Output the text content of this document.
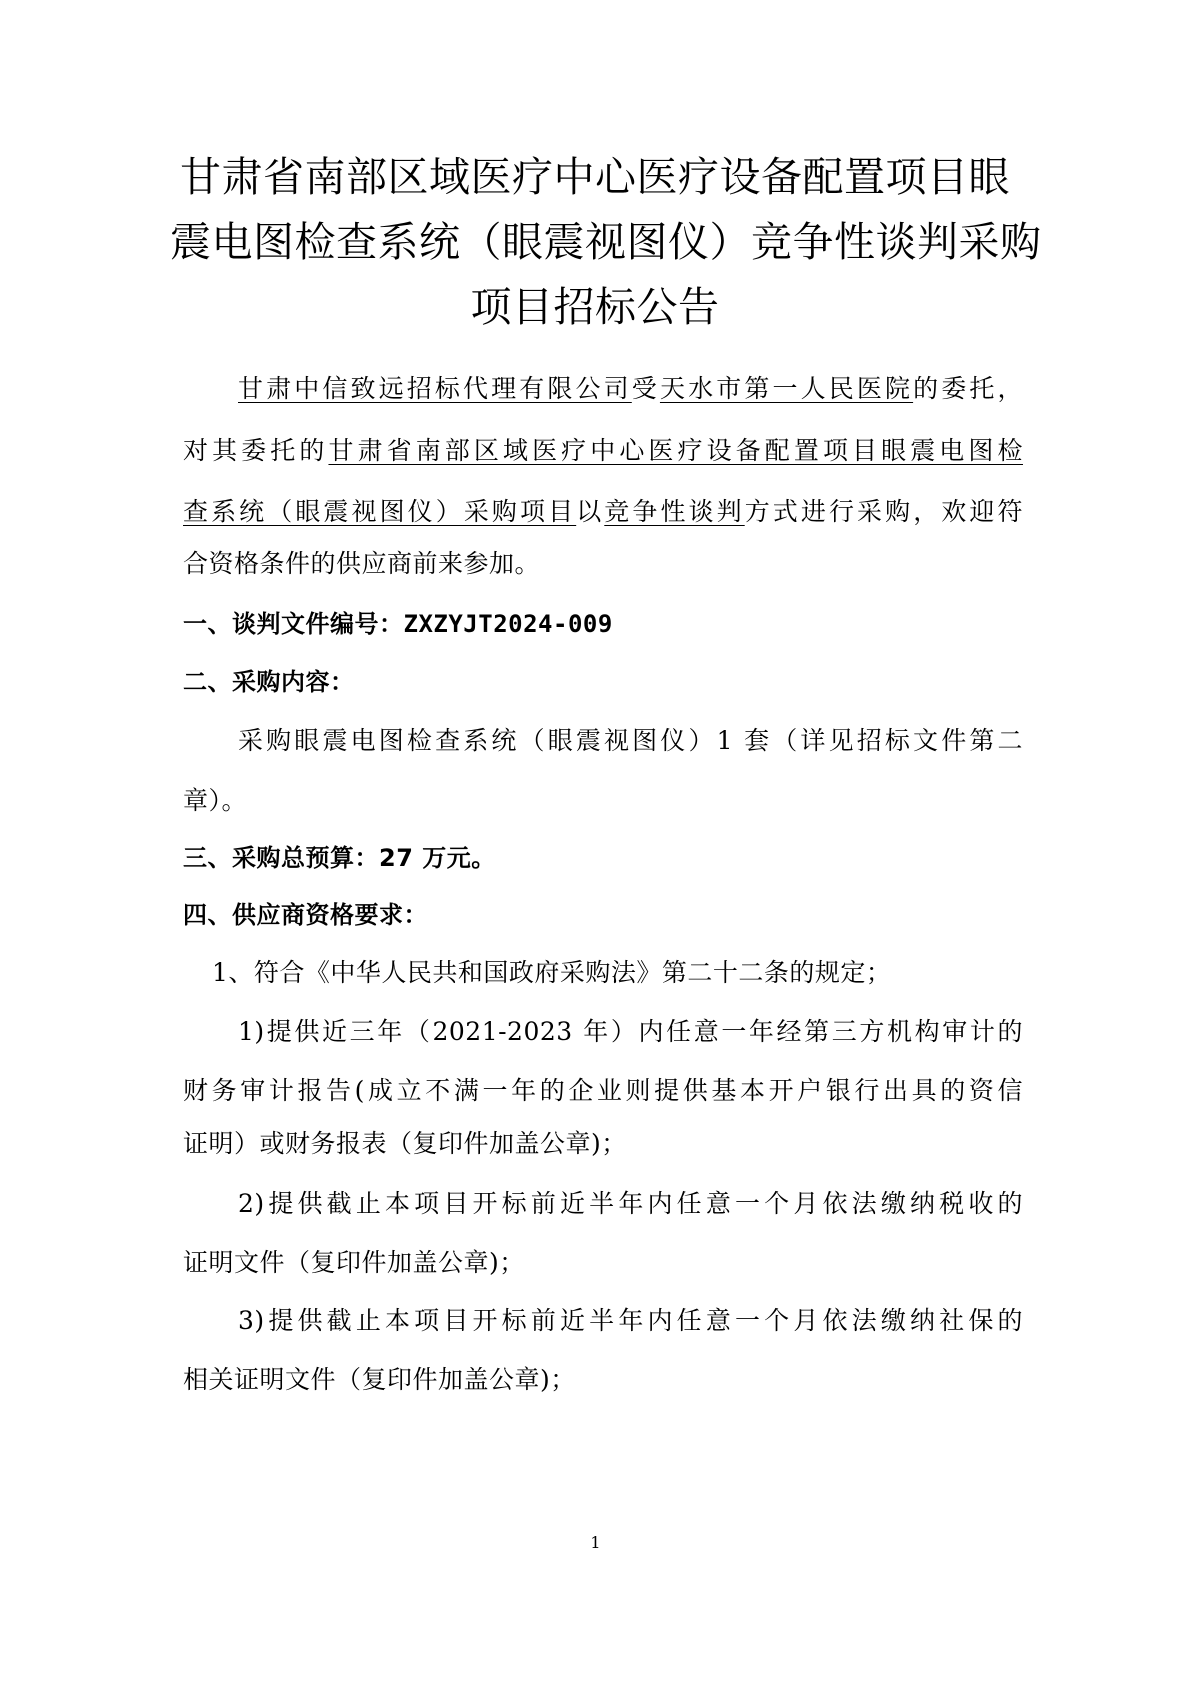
甘肃省南部区域医疗中心医疗设备配置项目眼
震电图检查系统（眼震视图仪）竞争性谈判采购
项目招标公告
甘肃中信致远招标代理有限公司受天水市第一人民医院的委托，
对其委托的甘肃省南部区域医疗中心医疗设备配置项目眼震电图检
查系统（眼震视图仪）采购项目以竞争性谈判方式进行采购，欢迎符
合资格条件的供应商前来参加。
一、谈判文件编号：ZXZYJT2024-009
二、采购内容：
采购眼震电图检查系统（眼震视图仪）1 套（详见招标文件第二
章）。
三、采购总预算：27 万元。
四、供应商资格要求：
1、符合《中华人民共和国政府采购法》第二十二条的规定；
1)提供近三年（2021-2023 年）内任意一年经第三方机构审计的
财务审计报告(成立不满一年的企业则提供基本开户银行出具的资信
证明）或财务报表（复印件加盖公章)；
2)提供截止本项目开标前近半年内任意一个月依法缴纳税收的
证明文件（复印件加盖公章)；
3)提供截止本项目开标前近半年内任意一个月依法缴纳社保的
相关证明文件（复印件加盖公章)；
1
